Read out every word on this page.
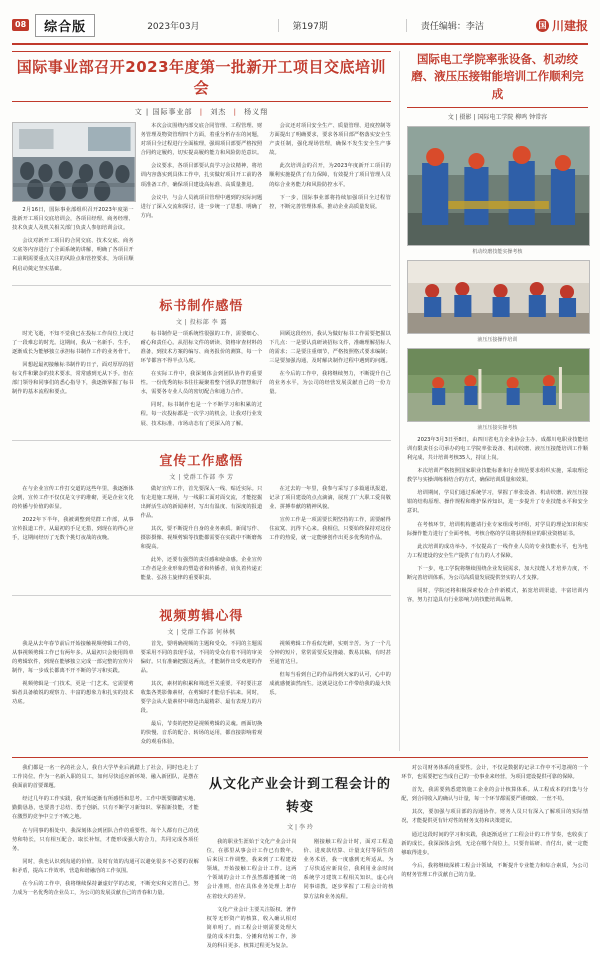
08	综合版	2023年03月	第197期	责任编辑：李洁	国 川建报
国际事业部召开2023年度第一批新开工项目交底培训会
文 | 国际事业部 | 刘杰 | 杨义翔

2月16日，国际事业部组织召开2023年度第一批新开工项目交底培训会，各项目经理、商务经理、技术负责人及机关相关部门负责人参加培训会议。

会议对新开工项目的合同交底、技术交底、商务交底等内容进行了全面系统的讲解，明确了各项目开工前期需要重点关注的风险点和管控要求，为项目顺利启动奠定坚实基础。

本次会议围绕内部交底合同管理、工程管理、财务管理及物资管理四个方面，着重分析存在的问题，对项目全过程进行全面梳理，强调项目部要严格按照合同约定履约，切实提高履约能力和风险防范意识。

会议要求，各项目部要认真学习会议精神，将培训内容落实到具体工作中，扎实做好项目开工前的各项准备工作，确保项目建设高标准、高质量推进。

会议中，与会人员就项目管理中遇到的实际问题进行了深入交流和探讨，进一步统一了思想、明确了方向。

会议还对项目安全生产、质量管理、进度控制等方面提出了明确要求，要求各项目部严格落实安全生产责任制，强化现场管理，确保不发生安全生产事故。

此次培训会的召开，为2023年度新开工项目的顺利实施提供了有力保障，有效提升了项目管理人员的综合业务能力和风险防控水平。

下一步，国际事业部将持续加强项目全过程管控，不断完善管理体系，推动企业高质量发展。

标书制作感悟
文 | 投标部 李 露

时光飞逝，不知不觉我已在投标工作岗位上度过了一段难忘的时光。这期间，我从一名新手、生手，逐渐成长为能够独立承担标书制作工作的业务骨干。

回想起最初接触标书制作的日子，面对厚厚的招标文件和繁杂的技术要求，常常感到无从下手。但在部门领导和同事们的悉心指导下，我逐渐掌握了标书制作的基本流程和要点。

标书制作是一项系统性很强的工作，需要细心、耐心和责任心。从招标文件的研读、资格审查材料的准备，到技术方案的编写、商务报价的测算，每一个环节都容不得半点马虎。

在实际工作中，我深刻体会到团队协作的重要性。一份优秀的标书往往凝聚着整个团队的智慧和汗水，需要各专业人员的密切配合和通力合作。

同时，标书制作也是一个不断学习和积累的过程。每一次投标都是一次学习的机会，让我对行业发展、技术标准、市场动态有了更深入的了解。

回顾这段经历，我认为做好标书工作需要把握以下几点：一是要认真研读招标文件，准确理解招标人的需求；二是要注重细节，严格按照格式要求编制；三是要加强沟通，及时解决制作过程中遇到的问题。

在今后的工作中，我将继续努力，不断提升自己的业务水平，为公司的经营发展贡献自己的一份力量。

宣传工作感悟
文 | 党群工作部 李 芳

在与企业宣传工作打交道的这些年里，我逐渐体会到，宣传工作不仅仅是文字的堆砌，更是企业文化的传播与价值的彰显。

2022年下半年，我被调整到党群工作部，从事宣传报道工作。从最初的手足无措，到现在的得心应手，这期间经历了无数个挑灯夜战的夜晚。

做好宣传工作，首先要深入一线、贴近实际。只有走进施工现场，与一线职工面对面交流，才能挖掘出鲜活生动的新闻素材，写出有温度、有深度的报道作品。

其次，要不断提升自身的业务素质。新闻写作、摄影摄像、视频剪辑等技能都需要在实践中不断磨炼和提高。

此外，还要有强烈的责任感和使命感。企业宣传工作者是企业形象的塑造者和传播者，肩负着传递正能量、弘扬主旋律的重要职责。

在过去的一年里，我参与采写了多篇通讯报道，记录了项目建设的点点滴滴，展现了广大职工爱岗敬业、拼搏奉献的精神风貌。

宣传工作是一项需要长期坚持的工作，需要耐得住寂寞、沉得下心来。我相信，只要始终保持对这份工作的热爱，就一定能够创作出更多优秀的作品。

视频剪辑心得
文 | 党群工作部 何林枫

我是从去年春节前后开始接触视频剪辑工作的，从事视频剪辑工作已有两年多。从最初只会使用简单的剪辑软件，到现在能够独立完成一部完整的宣传片制作，每一步成长都离不开不断的学习和实践。

视频剪辑是一门技术，更是一门艺术。它需要剪辑者具备敏锐的观察力、丰富的想象力和扎实的技术功底。

首先，要明确视频的主题和受众。不同的主题需要采用不同的表现手法，不同的受众有着不同的审美偏好。只有准确把握这两点，才能制作出受欢迎的作品。

其次，素材的积累和筛选至关重要。平时要注意收集各类影像素材，在剪辑时才能信手拈来。同时，要学会从大量素材中筛选出最精彩、最有表现力的片段。

最后，节奏的把控是视频剪辑的灵魂。画面切换的快慢、音乐的配合、转场的运用，都直接影响着观众的观看体验。

视频剪辑工作看似光鲜，实则辛苦。为了一个几分钟的短片，常常需要反复推敲、数易其稿，有时甚至通宵达旦。

但每当看到自己的作品得到大家的认可，心中的成就感便油然而生。这就是这份工作带给我的最大快乐。

国际电工学院率张设备、机动绞磨、液压压接钳能培训工作顺利完成
文 | 摄影 | 国际电工学院 柳鸣 钟常容
机动绞磨技能实操考核
液压压接操作培训
液压压接实操考核

2023年3月3日至8日，由四川省电力企业协会主办、成都川电职业技能培训有限责任公司承办的电工学院率张设备、机动绞磨、液压压接能培训工作顺利完成，共计培训考核35人，持证上岗。

本次培训严格按照国家职业技能标准和行业规范要求组织实施，采取理论教学与实操训练相结合的方式，确保培训质量和效果。

培训期间，学员们通过系统学习，掌握了率张设备、机动绞磨、液压压接钳的结构原理、操作规程和维护保养知识，进一步提升了专业技能水平和安全意识。

在考核环节，培训机构邀请行业专家组成考评组，对学员的理论知识和实际操作能力进行了全面考核，考核合格的学员将获得相应的职业资格证书。

此次培训的成功举办，不仅提高了一线作业人员的专业技能水平，也为电力工程建设的安全生产提供了有力的人才保障。

下一步，电工学院将继续围绕企业发展需求，加大技能人才培养力度，不断完善培训体系，为公司高质量发展提供坚实的人才支撑。

同时，学院还将积极探索校企合作新模式，拓宽培训渠道，丰富培训内容，努力打造具有行业影响力的技能培训品牌。

我们都是一名一名的社会人，我自大学毕业后就踏上了社会，同时也走上了工作岗位。作为一名新入职的员工，如何尽快适应新环境、融入新团队，是摆在我面前的首要课题。

经过几年的工作实践，我开始逐渐有所感悟和思考。工作中既要脚踏实地、勤勤恳恳，也要善于总结、勇于创新。只有不断学习新知识、掌握新技能，才能在激烈的竞争中立于不败之地。

在与同事的相处中，我深刻体会到团队合作的重要性。每个人都有自己的优势和特长，只有相互配合、取长补短，才能形成强大的合力，共同完成各项任务。

同时，我也认识到沟通的价值。及时有效的沟通可以避免很多不必要的误解和矛盾，提高工作效率，营造和谐融洽的工作氛围。

在今后的工作中，我将继续保持谦虚好学的态度，不断充实和完善自己，努力成为一名优秀的企业员工，为公司的发展贡献自己的青春和力量。

从文化产业会计到工程会计的转变
文 | 李 玲

我的职业生涯始于文化产业会计岗位，在那里从事会计工作已有数年。后来因工作调整，我来到了工程建设领域，开始接触工程会计工作。这两个领域的会计工作虽然都遵循统一的会计准则，但在具体业务处理上却存在着较大的差异。

文化产业会计主要关注版权、著作权等无形资产的核算，收入确认相对简单明了。而工程会计则需要处理大量的成本归集、分摊和结转工作，涉及的科目更多、核算过程更为复杂。

刚接触工程会计时，面对工程造价、进度款结算、计量支付等陌生的业务术语，我一度感到无所适从。为了尽快适应新岗位，我利用业余时间系统学习建筑工程相关知识，虚心向同事请教，逐步掌握了工程会计的核算方法和业务流程。

对公司财务体系的重要性。会计，不仅是数据的记录工作中不可忽视的一个环节，也需要把它当成自己的一份事业来经营，为项目建设提供可靠的保障。

首先，我需要熟悉建筑施工企业的会计核算体系。从工程成本的归集与分配，到合同收入的确认与计量，每一个环节都需要严谨细致、一丝不苟。

其次，要加强与项目部的沟通协作。财务人员只有深入了解项目的实际情况，才能提供更有针对性的财务支持和决策建议。

通过这段时间的学习和实践，我逐渐适应了工程会计的工作节奏，也收获了新的成长。我深深体会到，无论在哪个岗位上，只要肯钻研、肯付出，就一定能够取得进步。

今后，我将继续深耕工程会计领域，不断提升专业能力和综合素质，为公司的财务管理工作贡献自己的力量。
